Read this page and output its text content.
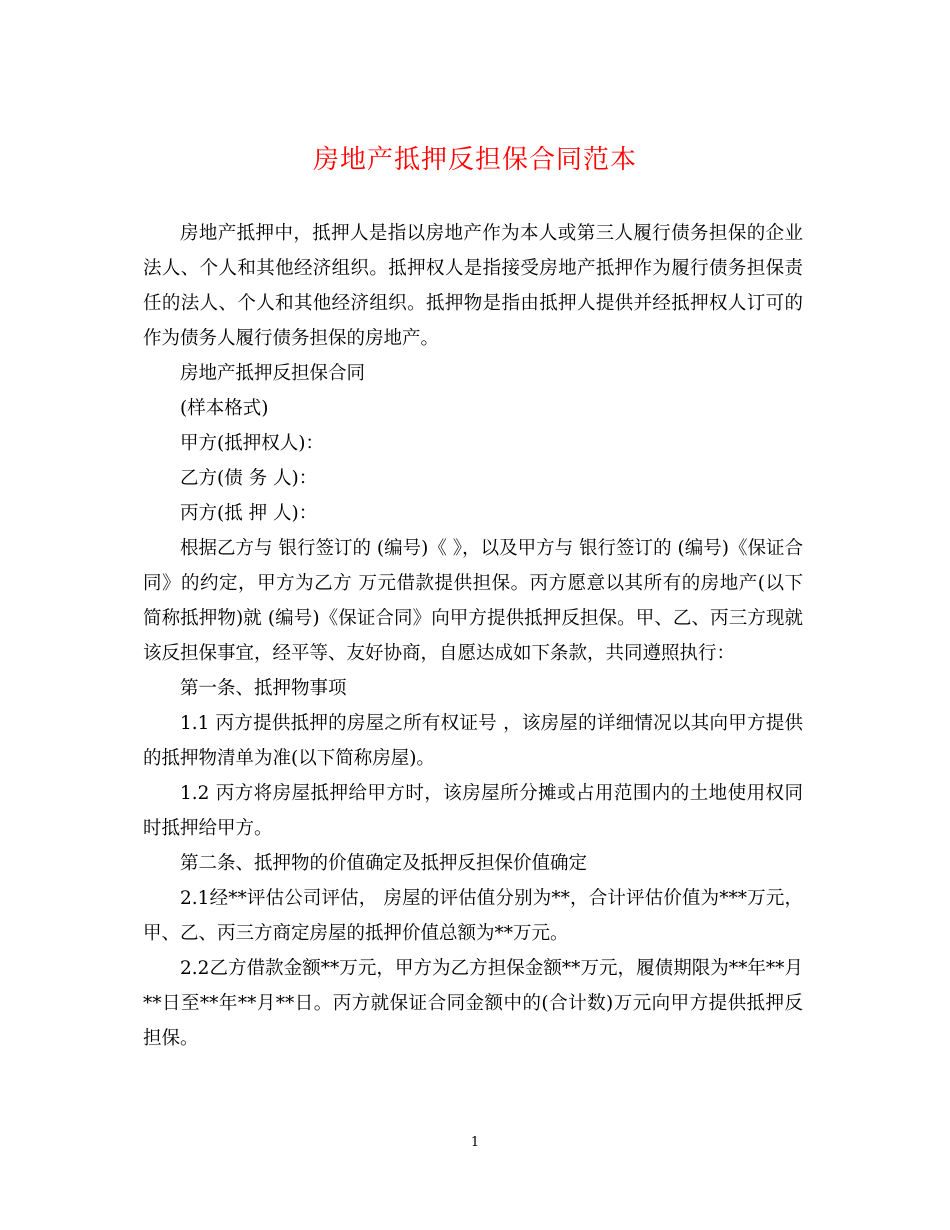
房地产抵押反担保合同范本

房地产抵押中，抵押人是指以房地产作为本人或第三人履行债务担保的企业法人、个人和其他经济组织。抵押权人是指接受房地产抵押作为履行债务担保责任的法人、个人和其他经济组织。抵押物是指由抵押人提供并经抵押权人订可的作为债务人履行债务担保的房地产。

房地产抵押反担保合同

(样本格式)

甲方(抵押权人)：

乙方(债 务 人)：

丙方(抵 押 人)：

根据乙方与 银行签订的 (编号)《 》，以及甲方与 银行签订的 (编号)《保证合同》的约定，甲方为乙方 万元借款提供担保。丙方愿意以其所有的房地产(以下简称抵押物)就 (编号)《保证合同》向甲方提供抵押反担保。甲、乙、丙三方现就该反担保事宜，经平等、友好协商，自愿达成如下条款，共同遵照执行：

第一条、抵押物事项

1.1 丙方提供抵押的房屋之所有权证号 ，该房屋的详细情况以其向甲方提供的抵押物清单为准(以下简称房屋)。

1.2 丙方将房屋抵押给甲方时，该房屋所分摊或占用范围内的土地使用权同时抵押给甲方。

第二条、抵押物的价值确定及抵押反担保价值确定

2.1经**评估公司评估， 房屋的评估值分别为**，合计评估价值为***万元，甲、乙、丙三方商定房屋的抵押价值总额为**万元。

2.2乙方借款金额**万元，甲方为乙方担保金额**万元，履债期限为**年**月**日至**年**月**日。丙方就保证合同金额中的(合计数)万元向甲方提供抵押反担保。

1
